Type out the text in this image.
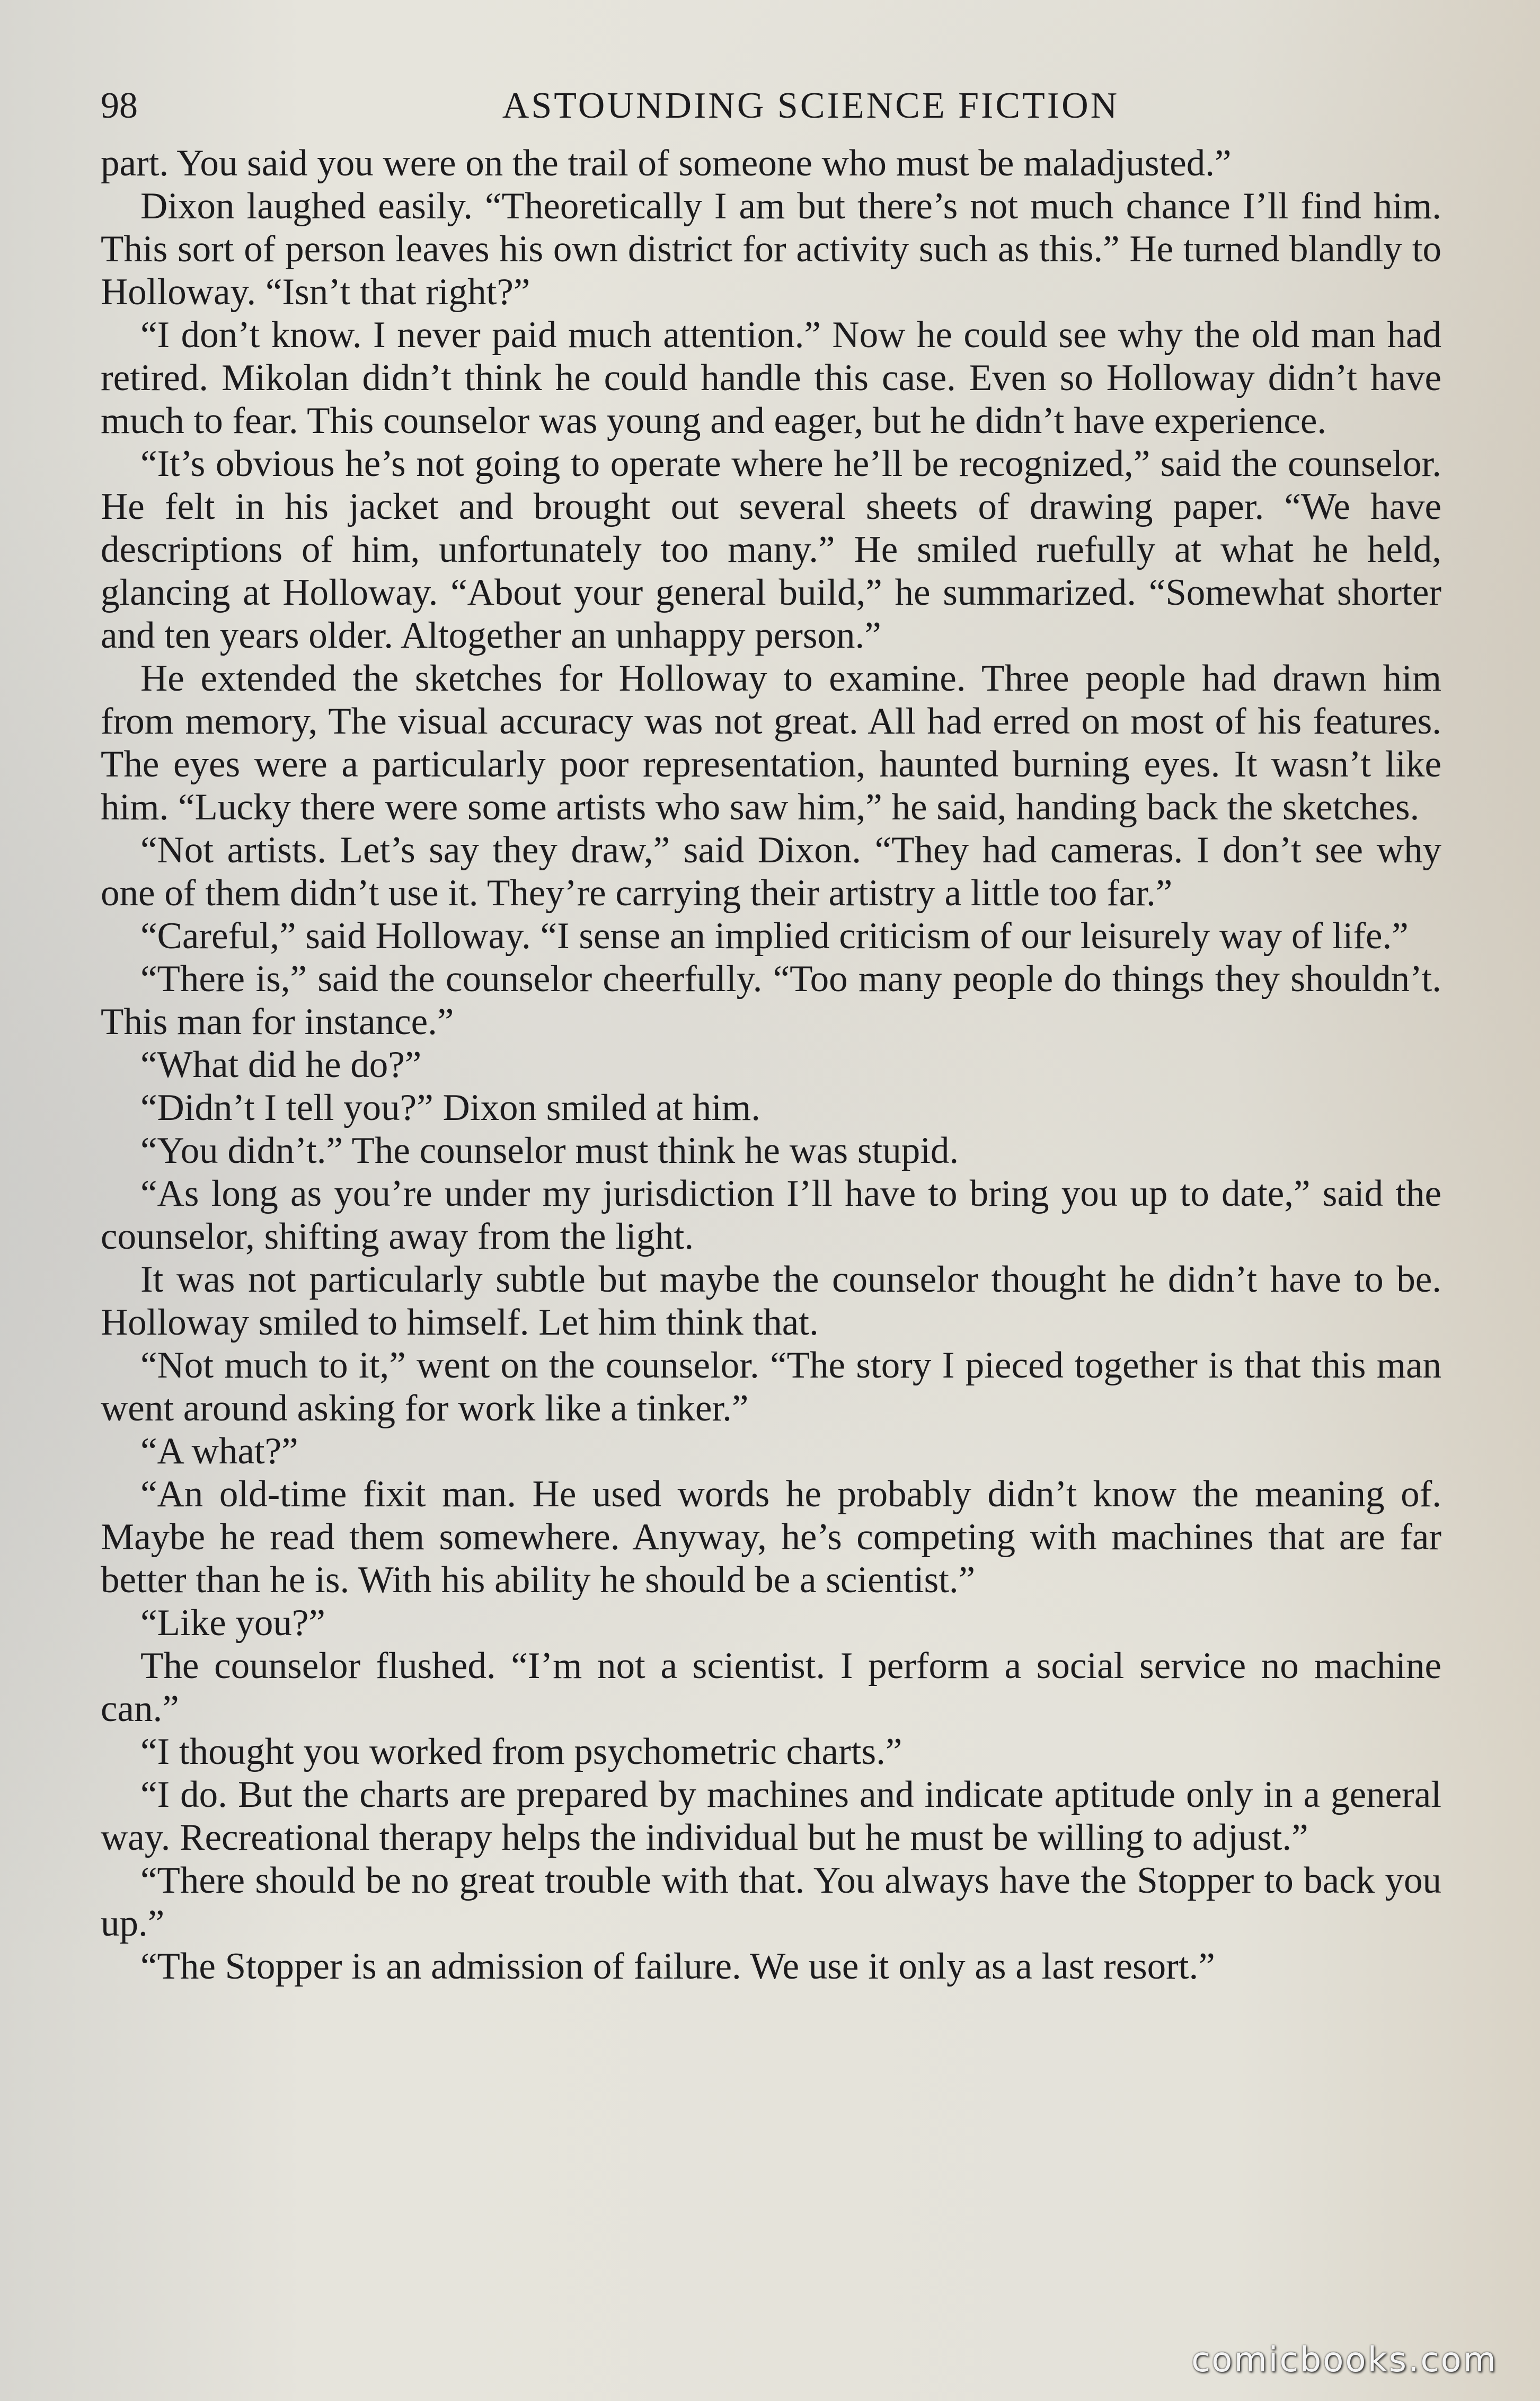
98	ASTOUNDING SCIENCE FICTION

part. You said you were on the trail of someone who must be maladjusted.”

Dixon laughed easily. “Theoretically I am but there’s not much chance I’ll find him. This sort of person leaves his own district for activity such as this.” He turned blandly to Holloway. “Isn’t that right?”

“I don’t know. I never paid much attention.” Now he could see why the old man had retired. Mikolan didn’t think he could handle this case. Even so Holloway didn’t have much to fear. This counselor was young and eager, but he didn’t have experience.

“It’s obvious he’s not going to operate where he’ll be recognized,” said the counselor. He felt in his jacket and brought out several sheets of drawing paper. “We have descriptions of him, unfortunately too many.” He smiled ruefully at what he held, glancing at Holloway. “About your general build,” he summarized. “Somewhat shorter and ten years older. Altogether an unhappy person.”

He extended the sketches for Holloway to examine. Three people had drawn him from memory, The visual accuracy was not great. All had erred on most of his features. The eyes were a particularly poor representation, haunted burning eyes. It wasn’t like him. “Lucky there were some artists who saw him,” he said, handing back the sketches.

“Not artists. Let’s say they draw,” said Dixon. “They had cameras. I don’t see why one of them didn’t use it. They’re carrying their artistry a little too far.”

“Careful,” said Holloway. “I sense an implied criticism of our leisurely way of life.”

“There is,” said the counselor cheerfully. “Too many people do things they shouldn’t. This man for instance.”

“What did he do?”

“Didn’t I tell you?” Dixon smiled at him.

“You didn’t.” The counselor must think he was stupid.

“As long as you’re under my jurisdiction I’ll have to bring you up to date,” said the counselor, shifting away from the light.

It was not particularly subtle but maybe the counselor thought he didn’t have to be. Holloway smiled to himself. Let him think that.

“Not much to it,” went on the counselor. “The story I pieced together is that this man went around asking for work like a tinker.”

“A what?”

“An old-time fixit man. He used words he probably didn’t know the meaning of. Maybe he read them somewhere. Anyway, he’s competing with machines that are far better than he is. With his ability he should be a scientist.”

“Like you?”

The counselor flushed. “I’m not a scientist. I perform a social service no machine can.”

“I thought you worked from psychometric charts.”

“I do. But the charts are prepared by machines and indicate aptitude only in a general way. Recreational therapy helps the individual but he must be willing to adjust.”

“There should be no great trouble with that. You always have the Stopper to back you up.”

“The Stopper is an admission of failure. We use it only as a last resort.”

comicbooks.com
